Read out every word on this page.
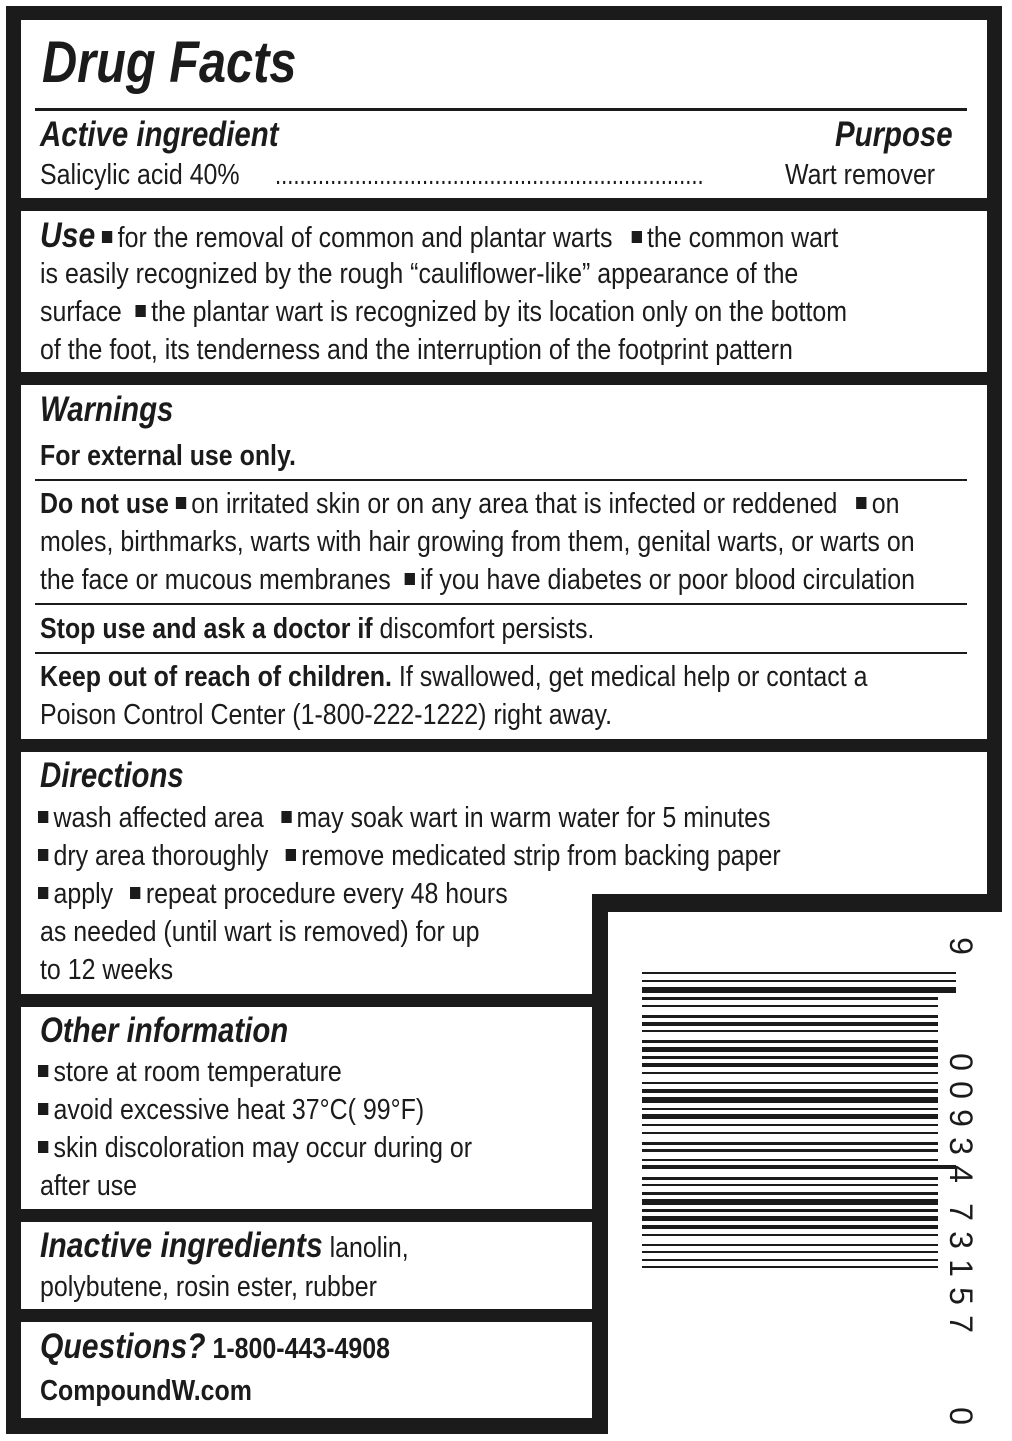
Drug Facts
Active ingredient	Purpose
Salicylic acid 40% ......................................................................	Wart remover
Use for the removal of common and plantar warts the common wart
is easily recognized by the rough “cauliflower-like” appearance of the
surface the plantar wart is recognized by its location only on the bottom
of the foot, its tenderness and the interruption of the footprint pattern
Warnings
For external use only.
Do not use on irritated skin or on any area that is infected or reddened on
moles, birthmarks, warts with hair growing from them, genital warts, or warts on
the face or mucous membranes if you have diabetes or poor blood circulation
Stop use and ask a doctor if discomfort persists.
Keep out of reach of children. If swallowed, get medical help or contact a
Poison Control Center (1-800-222-1222) right away.
Directions
wash affected area may soak wart in warm water for 5 minutes
dry area thoroughly remove medicated strip from backing paper
apply repeat procedure every 48 hours
as needed (until wart is removed) for up
to 12 weeks
0
7
5
1
3
7
4
3
9
0
0
9
Other information
store at room temperature
avoid excessive heat 37°C( 99°F)
skin discoloration may occur during or
after use
Inactive ingredients lanolin,
polybutene, rosin ester, rubber
Questions? 1-800-443-4908
CompoundW.com
